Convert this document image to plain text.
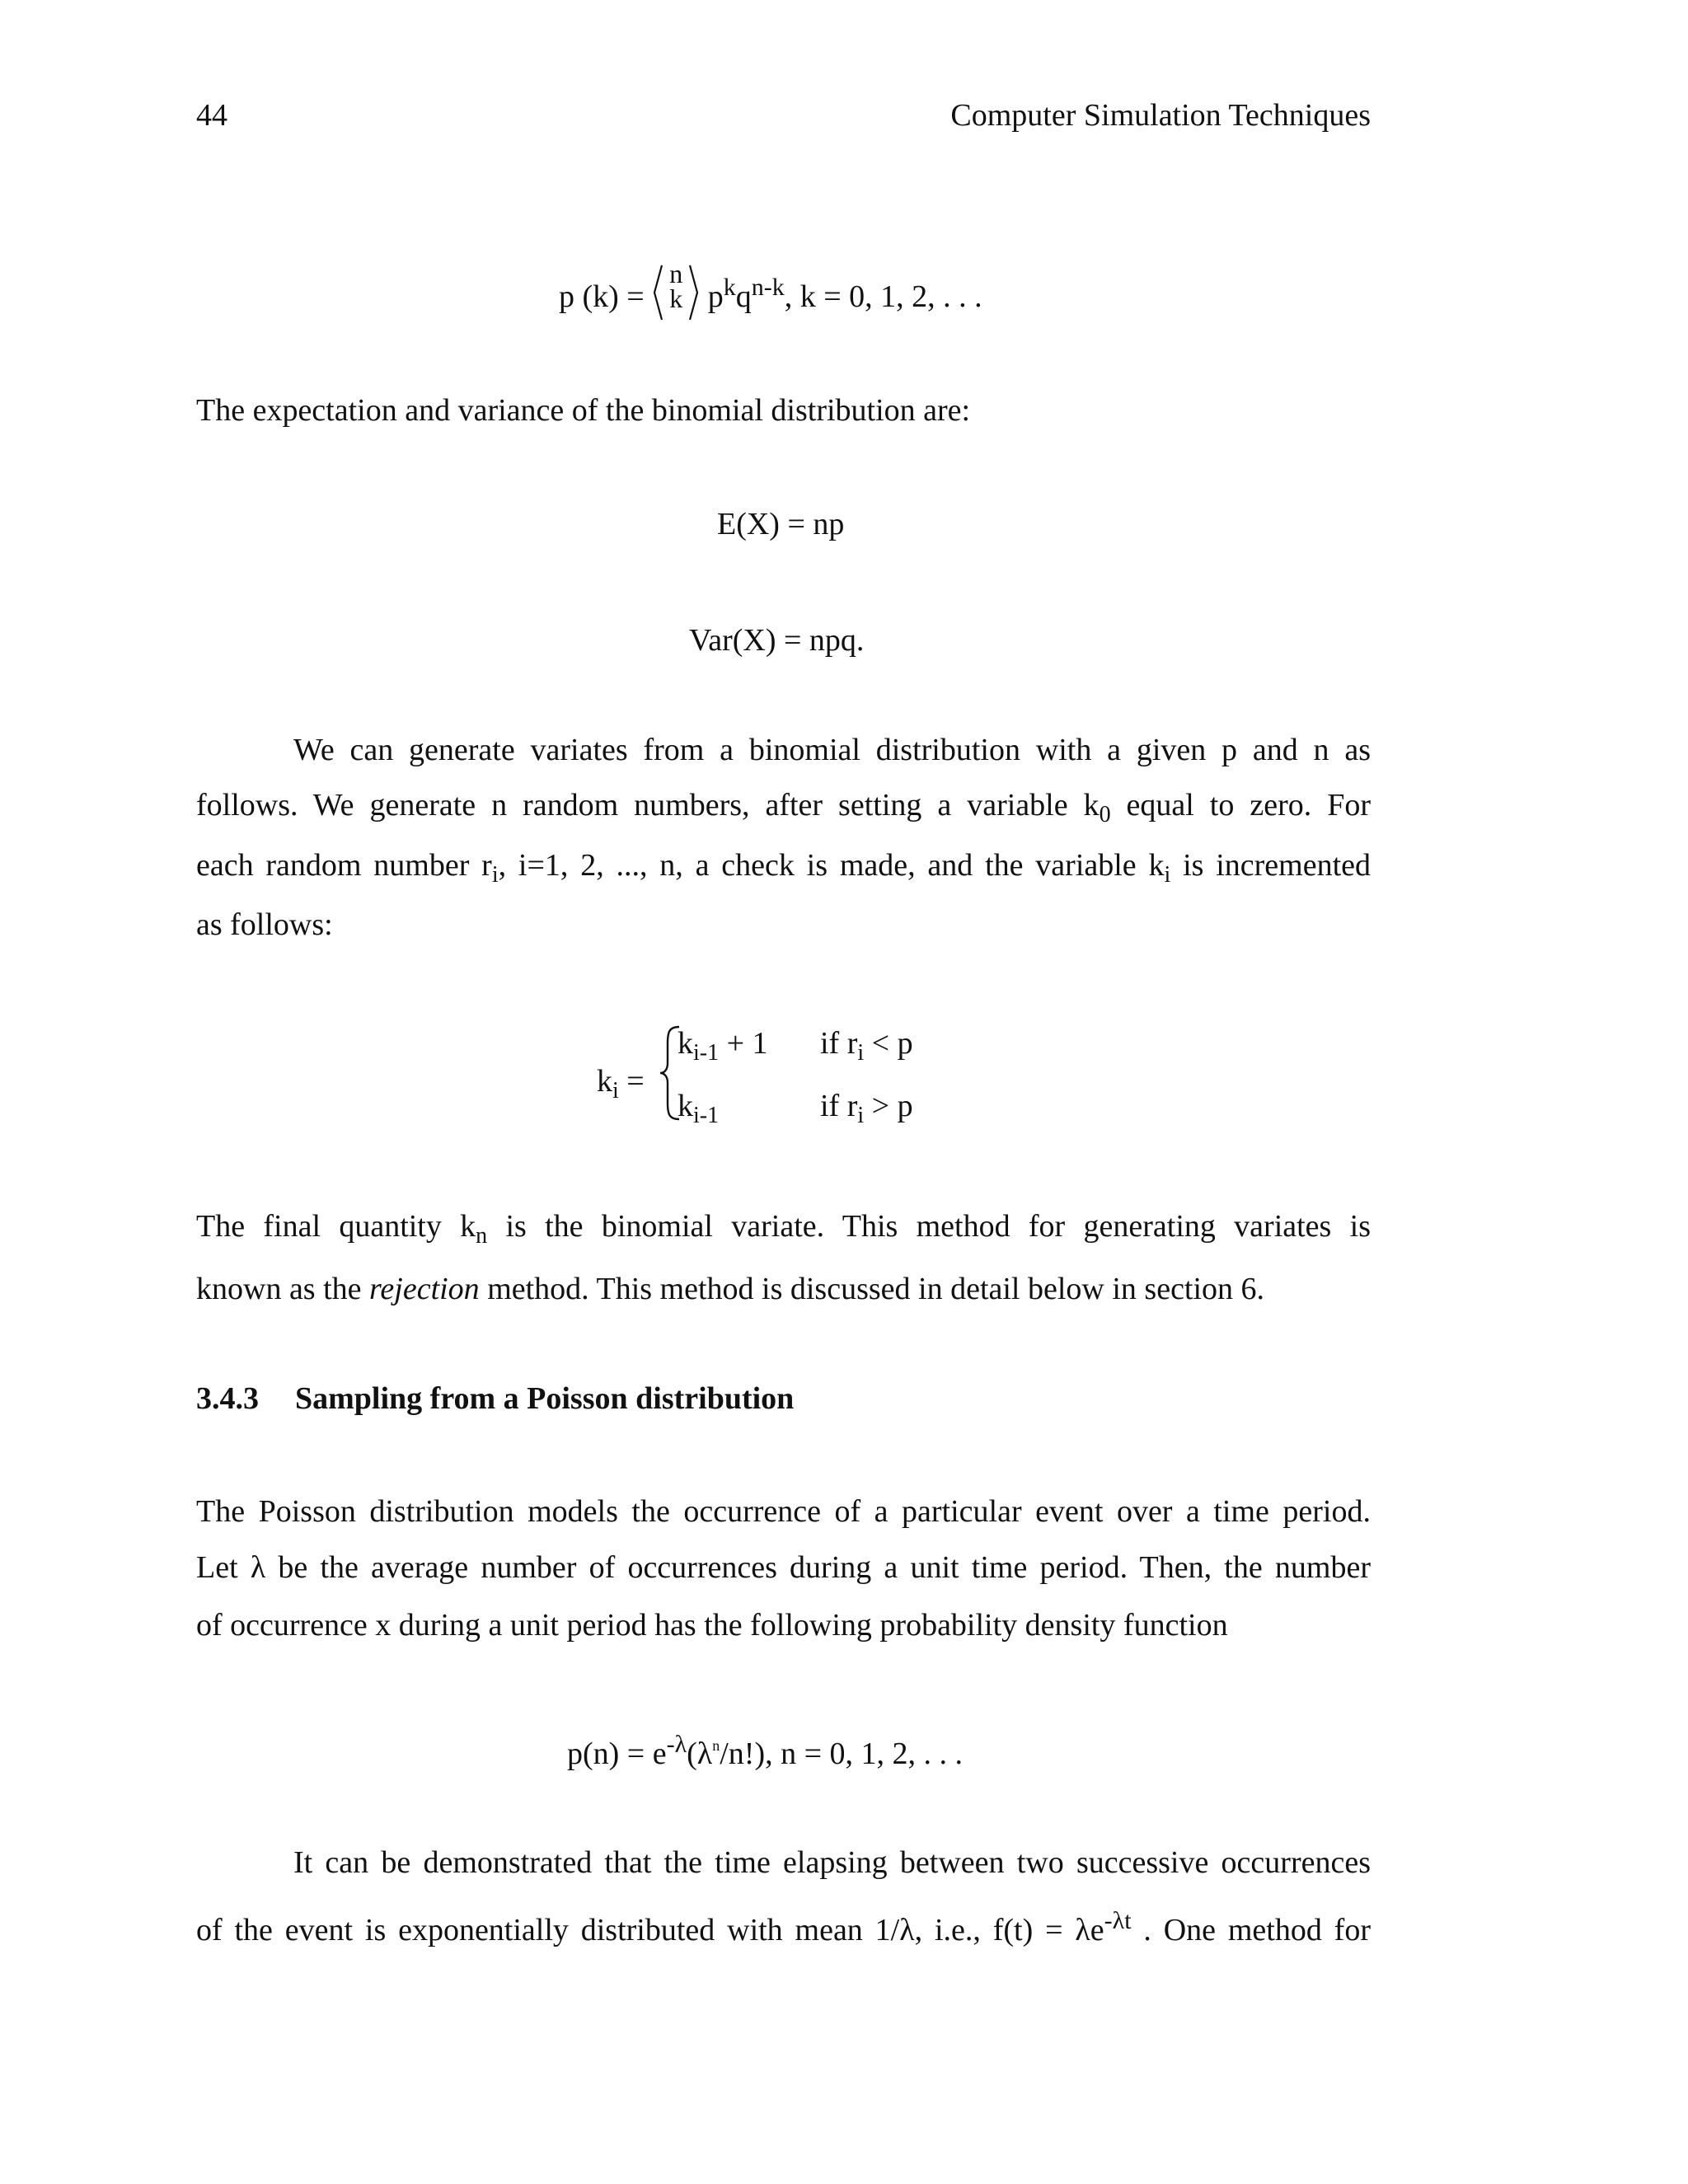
44	Computer Simulation Techniques
p (k) =
n
k $p^kq^{n-k}$, k = 0, 1, 2, . . .
The expectation and variance of the binomial distribution are:
E(X) = np
Var(X) = npq.
We can generate variates from a binomial distribution with a given p and n as
follows. We generate n random numbers, after setting a variable $k_0$ equal to zero. For
each random number $r_i$, i=1, 2, ..., n, a check is made, and the variable $k_i$ is incremented
as follows:
$k_i$ =
$k_{i-1} + 1$ if $r_i < p$
$k_{i-1}$	if $r_i > p$
The final quantity $k_n$ is the binomial variate. This method for generating variates is
known as the rejection method. This method is discussed in detail below in section 6.
3.4.3 Sampling from a Poisson distribution
The Poisson distribution models the occurrence of a particular event over a time period.
Let λ be the average number of occurrences during a unit time period. Then, the number
of occurrence x during a unit period has the following probability density function
$p(n) = e^{-\lambda}(\lambda^n/n!)$, n = 0, 1, 2, . . .
It can be demonstrated that the time elapsing between two successive occurrences
of the event is exponentially distributed with mean 1/λ, i.e., $f(t) = \lambda e^{-\lambda t}$ . One method for
